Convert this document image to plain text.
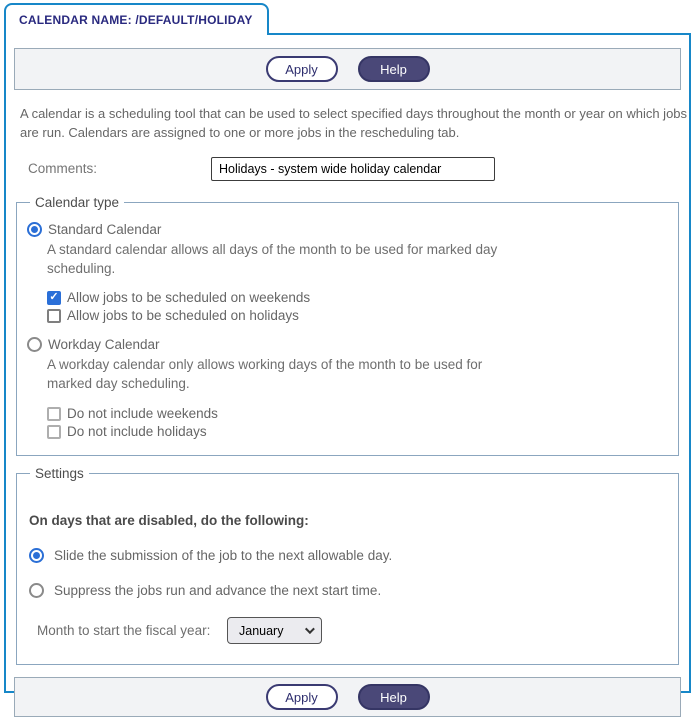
CALENDAR NAME: /DEFAULT/HOLIDAY
Apply	Help
A calendar is a scheduling tool that can be used to select specified days throughout the month or year on which jobs are run. Calendars are assigned to one or more jobs in the rescheduling tab.
Comments:
Holidays - system wide holiday calendar
Calendar type
Standard Calendar
A standard calendar allows all days of the month to be used for marked day scheduling.
✓ Allow jobs to be scheduled on weekends
Allow jobs to be scheduled on holidays
Workday Calendar
A workday calendar only allows working days of the month to be used for marked day scheduling.
Do not include weekends
Do not include holidays
Settings
On days that are disabled, do the following:
Slide the submission of the job to the next allowable day.
Suppress the jobs run and advance the next start time.
Month to start the fiscal year:	January
Apply	Help
